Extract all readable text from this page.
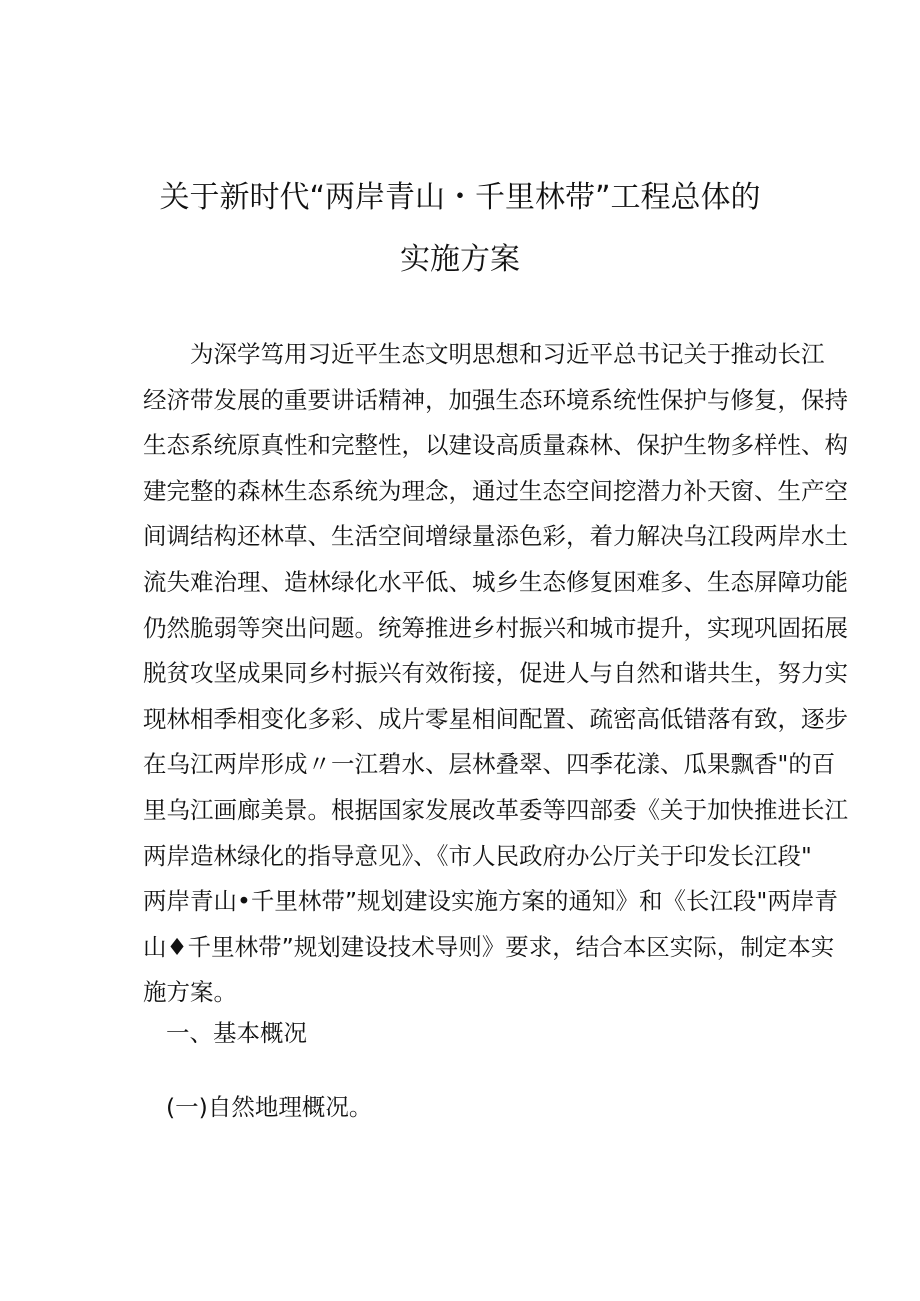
关于新时代“两岸青山・千里林带”工程总体的
实施方案
为深学笃用习近平生态文明思想和习近平总书记关于推动长江
经济带发展的重要讲话精神，加强生态环境系统性保护与修复，保持
生态系统原真性和完整性，以建设高质量森林、保护生物多样性、构
建完整的森林生态系统为理念，通过生态空间挖潜力补天窗、生产空
间调结构还林草、生活空间增绿量添色彩，着力解决乌江段两岸水土
流失难治理、造林绿化水平低、城乡生态修复困难多、生态屏障功能
仍然脆弱等突出问题。统筹推进乡村振兴和城市提升，实现巩固拓展
脱贫攻坚成果同乡村振兴有效衔接，促进人与自然和谐共生，努力实
现林相季相变化多彩、成片零星相间配置、疏密高低错落有致，逐步
在乌江两岸形成〃一江碧水、层林叠翠、四季花漾、瓜果飘香"的百
里乌江画廊美景。根据国家发展改革委等四部委《关于加快推进长江
两岸造林绿化的指导意见》、《市人民政府办公厅关于印发长江段"
两岸青山•千里林带”规划建设实施方案的通知》和《长江段"两岸青
山♦千里林带”规划建设技术导则》要求，结合本区实际，制定本实
施方案。
一、基本概况
(一)自然地理概况。
